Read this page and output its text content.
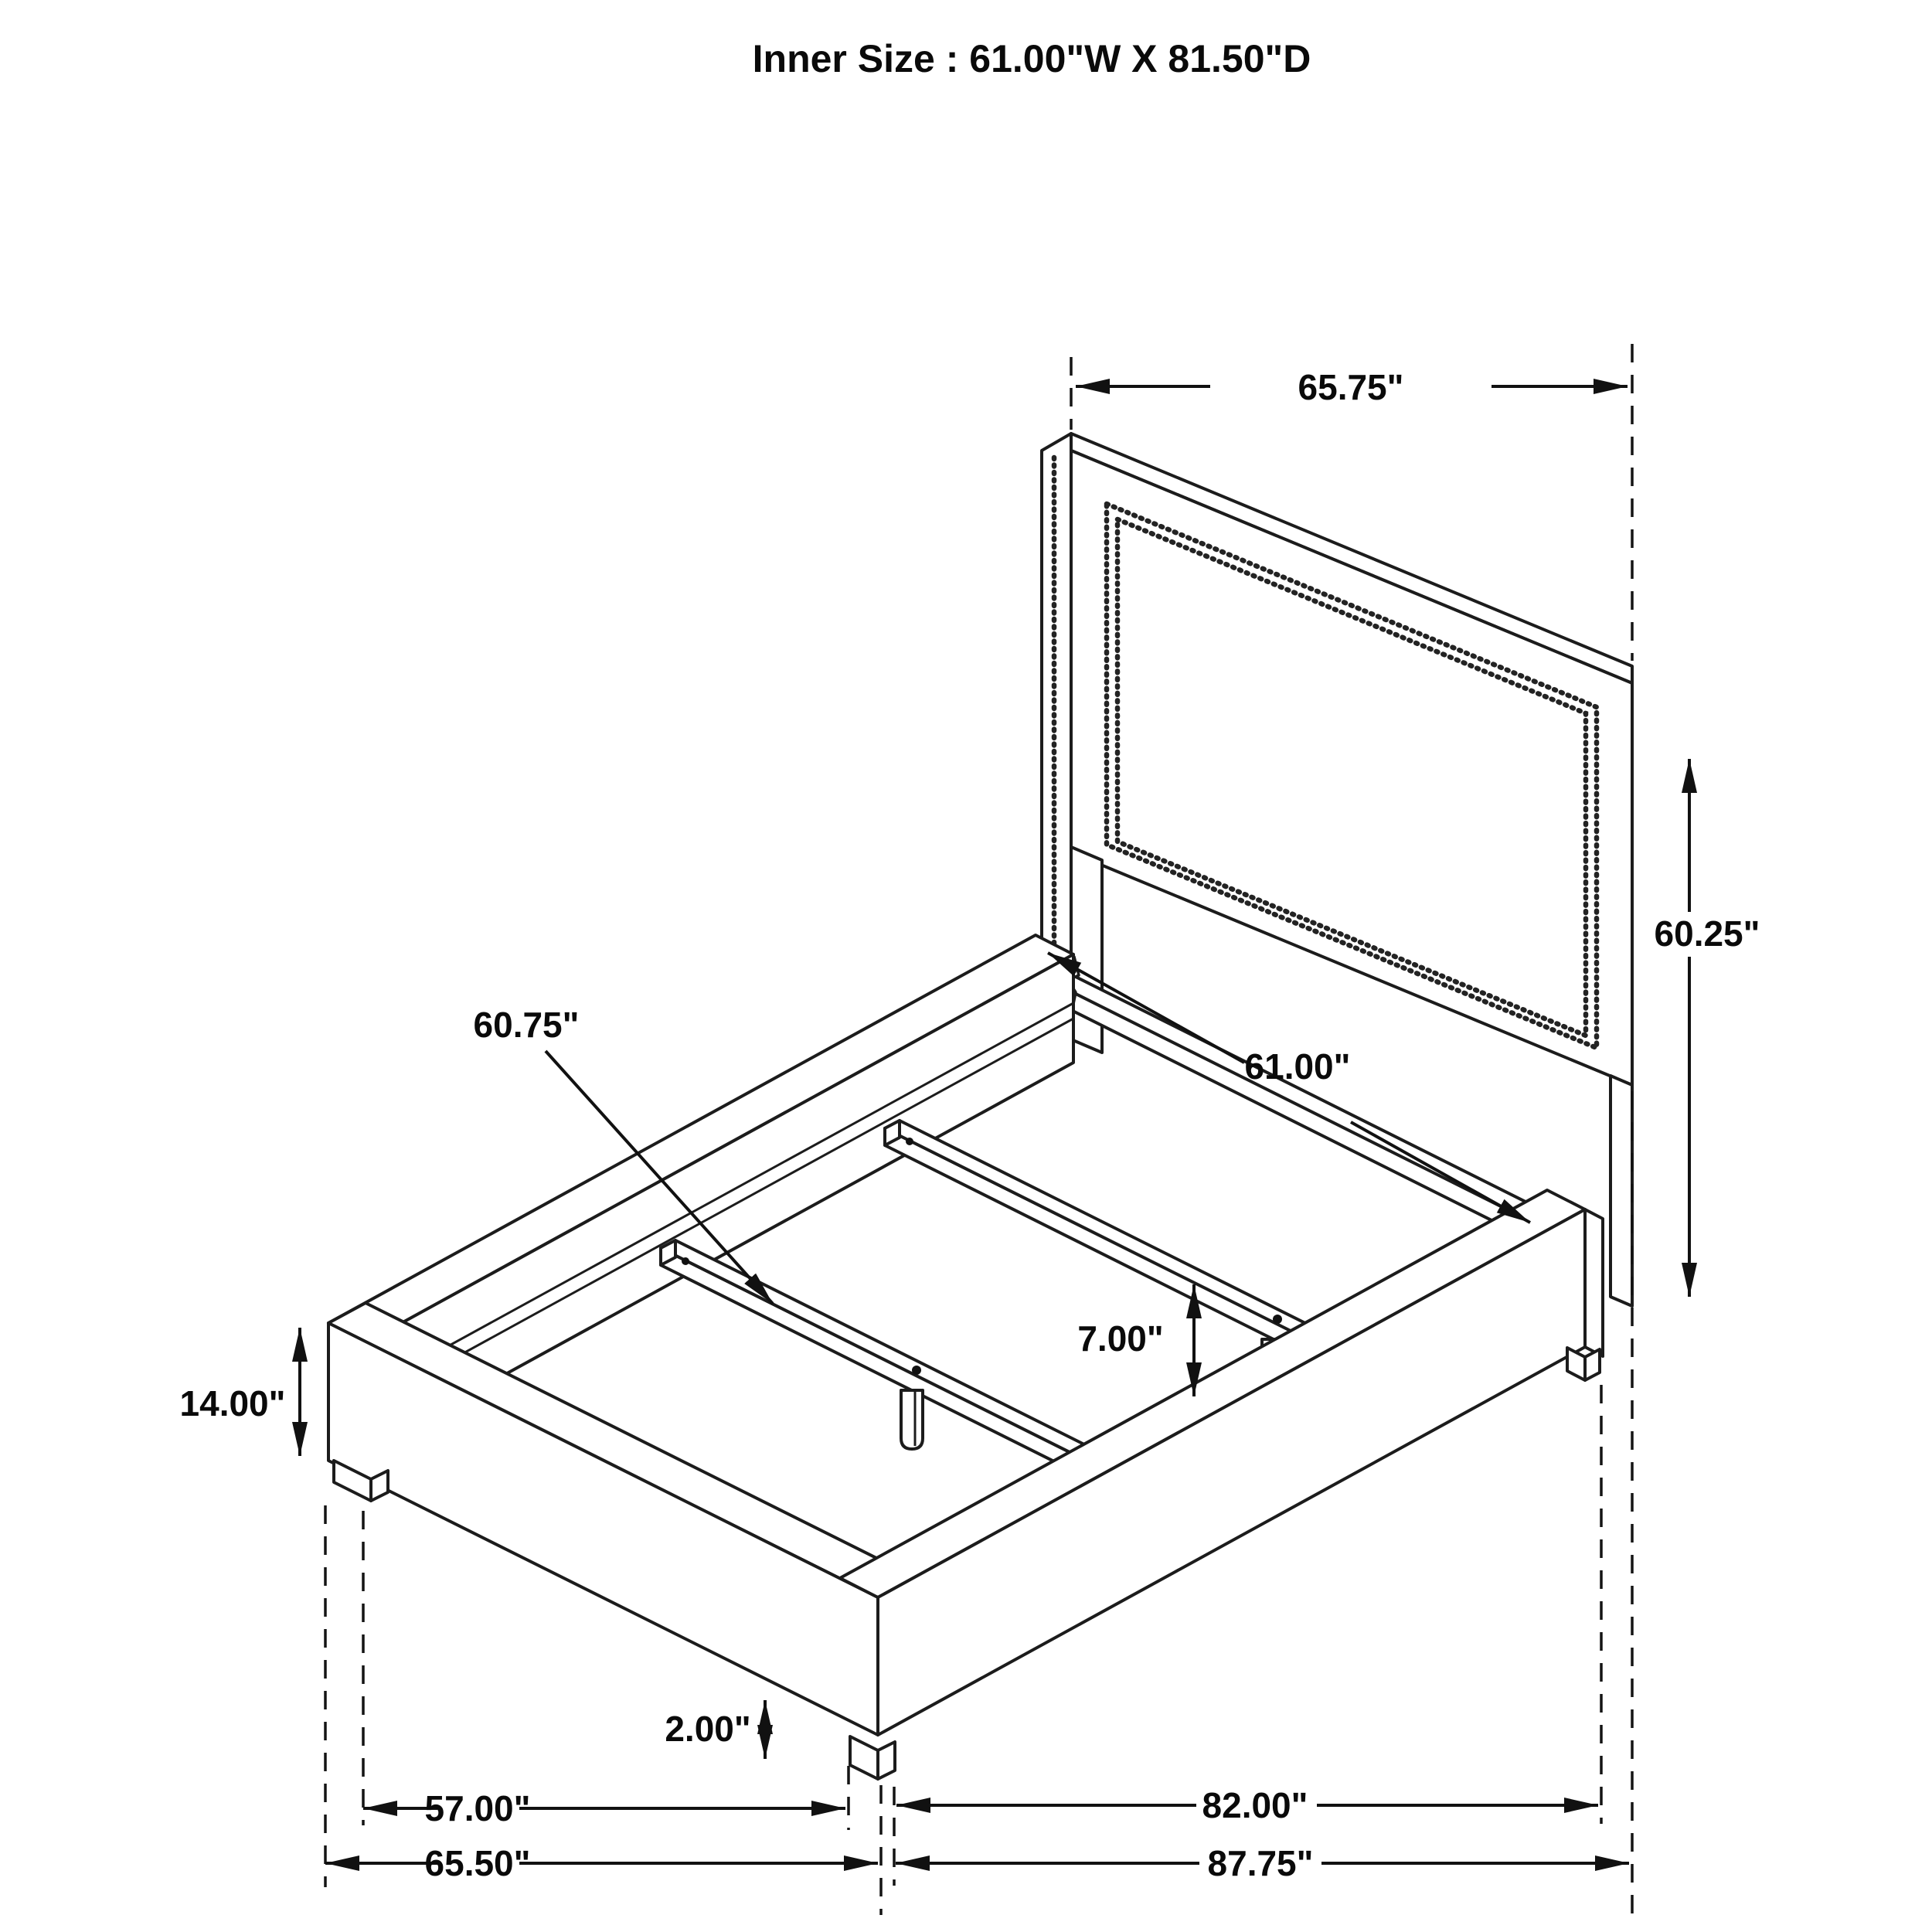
Inner Size : 61.00"W X 81.50"D
65.75"
60.25"
60.75"
61.00"
7.00"
14.00"
2.00"
57.00"	82.00"
65.50"	87.75"
